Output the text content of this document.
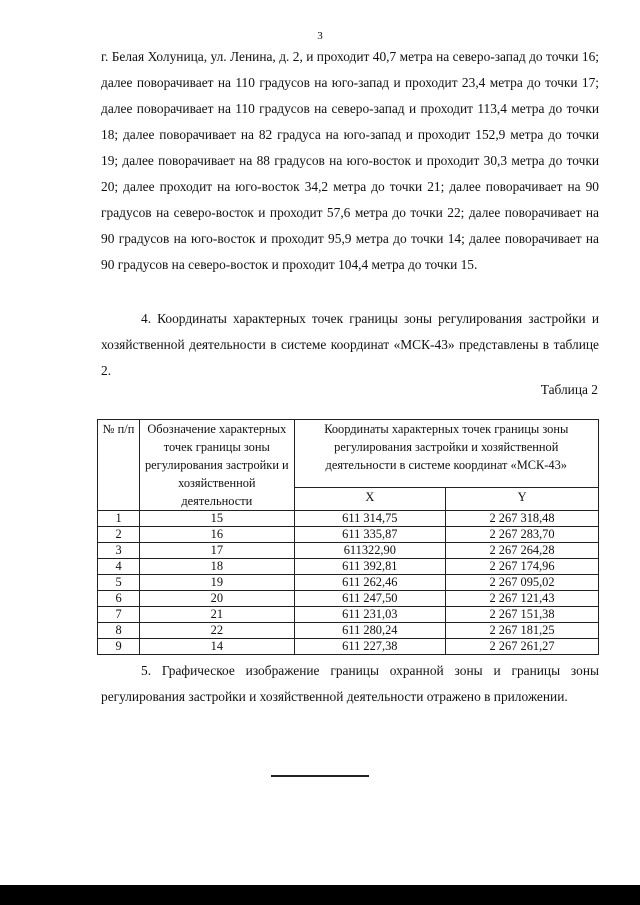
3

г. Белая Холуница, ул. Ленина, д. 2, и проходит 40,7 метра на северо-запад до точки 16; далее поворачивает на 110 градусов на юго-запад и проходит 23,4 метра до точки 17; далее поворачивает на 110 градусов на северо-запад и проходит 113,4 метра до точки 18; далее поворачивает на 82 градуса на юго-запад и проходит 152,9 метра до точки 19; далее поворачивает на 88 градусов на юго-восток и проходит 30,3 метра до точки 20; далее проходит на юго-восток 34,2 метра до точки 21; далее поворачивает на 90 градусов на северо-восток и проходит 57,6 метра до точки 22; далее поворачивает на 90 градусов на юго-восток и проходит 95,9 метра до точки 14; далее поворачивает на 90 градусов на северо-восток и проходит 104,4 метра до точки 15.

4. Координаты характерных точек границы зоны регулирования застройки и хозяйственной деятельности в системе координат «МСК-43» представлены в таблице 2.

Таблица 2
№ п/п	Обозначение характерных точек границы зоны регулирования застройки и хозяйственной деятельности	Координаты характерных точек границы зоны регулирования застройки и хозяйственной деятельности в системе координат «МСК-43»	
		X	Y
1	15	611 314,75	2 267 318,48
2	16	611 335,87	2 267 283,70
3	17	611322,90	2 267 264,28
4	18	611 392,81	2 267 174,96
5	19	611 262,46	2 267 095,02
6	20	611 247,50	2 267 121,43
7	21	611 231,03	2 267 151,38
8	22	611 280,24	2 267 181,25
9	14	611 227,38	2 267 261,27

5. Графическое изображение границы охранной зоны и границы зоны регулирования застройки и хозяйственной деятельности отражено в приложении.
